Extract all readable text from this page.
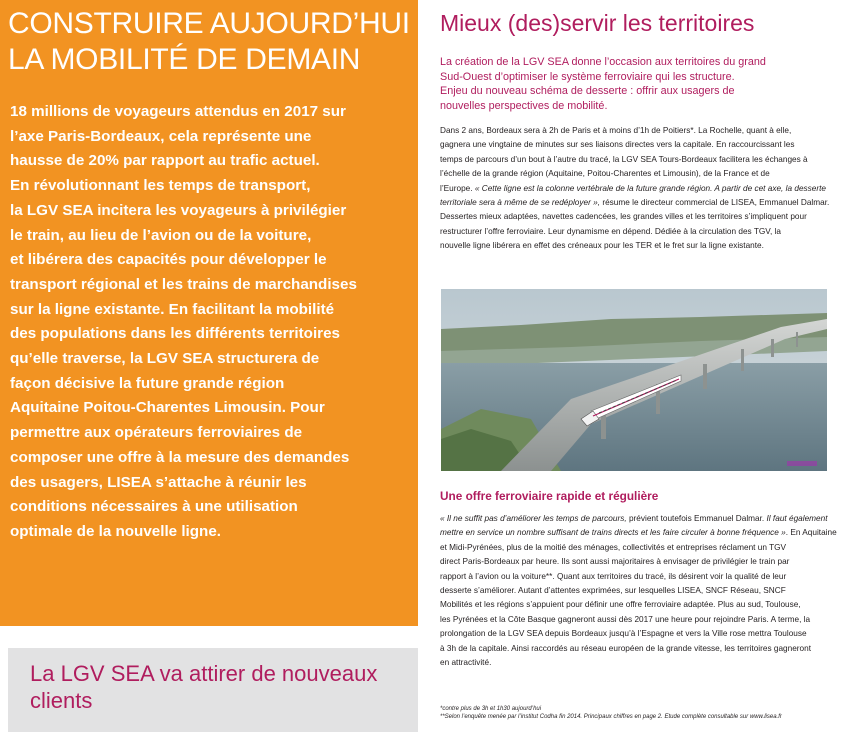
CONSTRUIRE AUJOURD’HUI
LA MOBILITÉ DE DEMAIN

18 millions de voyageurs attendus en 2017 sur
l’axe Paris-Bordeaux, cela représente une
hausse de 20% par rapport au trafic actuel.
En révolutionnant les temps de transport,
la LGV SEA incitera les voyageurs à privilégier
le train, au lieu de l’avion ou de la voiture,
et libérera des capacités pour développer le
transport régional et les trains de marchandises
sur la ligne existante. En facilitant la mobilité
des populations dans les différents territoires
qu’elle traverse, la LGV SEA structurera de
façon décisive la future grande région
Aquitaine Poitou-Charentes Limousin. Pour
permettre aux opérateurs ferroviaires de
composer une offre à la mesure des demandes
des usagers, LISEA s’attache à réunir les
conditions nécessaires à une utilisation
optimale de la nouvelle ligne.

La LGV SEA va attirer de nouveaux
clients

Mieux (des)servir les territoires

La création de la LGV SEA donne l’occasion aux territoires du grand
Sud-Ouest d’optimiser le système ferroviaire qui les structure.
Enjeu du nouveau schéma de desserte : offrir aux usagers de
nouvelles perspectives de mobilité.

Dans 2 ans, Bordeaux sera à 2h de Paris et à moins d’1h de Poitiers*. La Rochelle, quant à elle,
gagnera une vingtaine de minutes sur ses liaisons directes vers la capitale. En raccourcissant les
temps de parcours d’un bout à l’autre du tracé, la LGV SEA Tours-Bordeaux facilitera les échanges à
l’échelle de la grande région (Aquitaine, Poitou-Charentes et Limousin), de la France et de
l’Europe. « Cette ligne est la colonne vertébrale de la future grande région. A partir de cet axe, la desserte
territoriale sera à même de se redéployer », résume le directeur commercial de LISEA, Emmanuel Dalmar.
Dessertes mieux adaptées, navettes cadencées, les grandes villes et les territoires s’impliquent pour
restructurer l’offre ferroviaire. Leur dynamisme en dépend. Dédiée à la circulation des TGV, la
nouvelle ligne libérera en effet des créneaux pour les TER et le fret sur la ligne existante.

Une offre ferroviaire rapide et régulière

« Il ne suffit pas d’améliorer les temps de parcours, prévient toutefois Emmanuel Dalmar. Il faut également
mettre en service un nombre suffisant de trains directs et les faire circuler à bonne fréquence ». En Aquitaine
et Midi-Pyrénées, plus de la moitié des ménages, collectivités et entreprises réclament un TGV
direct Paris-Bordeaux par heure. Ils sont aussi majoritaires à envisager de privilégier le train par
rapport à l’avion ou la voiture**. Quant aux territoires du tracé, ils désirent voir la qualité de leur
desserte s’améliorer. Autant d’attentes exprimées, sur lesquelles LISEA, SNCF Réseau, SNCF
Mobilités et les régions s’appuient pour définir une offre ferroviaire adaptée. Plus au sud, Toulouse,
les Pyrénées et la Côte Basque gagneront aussi dès 2017 une heure pour rejoindre Paris. A terme, la
prolongation de la LGV SEA depuis Bordeaux jusqu’à l’Espagne et vers la Ville rose mettra Toulouse
à 3h de la capitale. Ainsi raccordés au réseau européen de la grande vitesse, les territoires gagneront
en attractivité.

*contre plus de 3h et 1h30 aujourd’hui
**Selon l’enquête menée par l’institut Codha fin 2014. Principaux chiffres en page 2. Etude complète consultable sur www.lisea.fr
